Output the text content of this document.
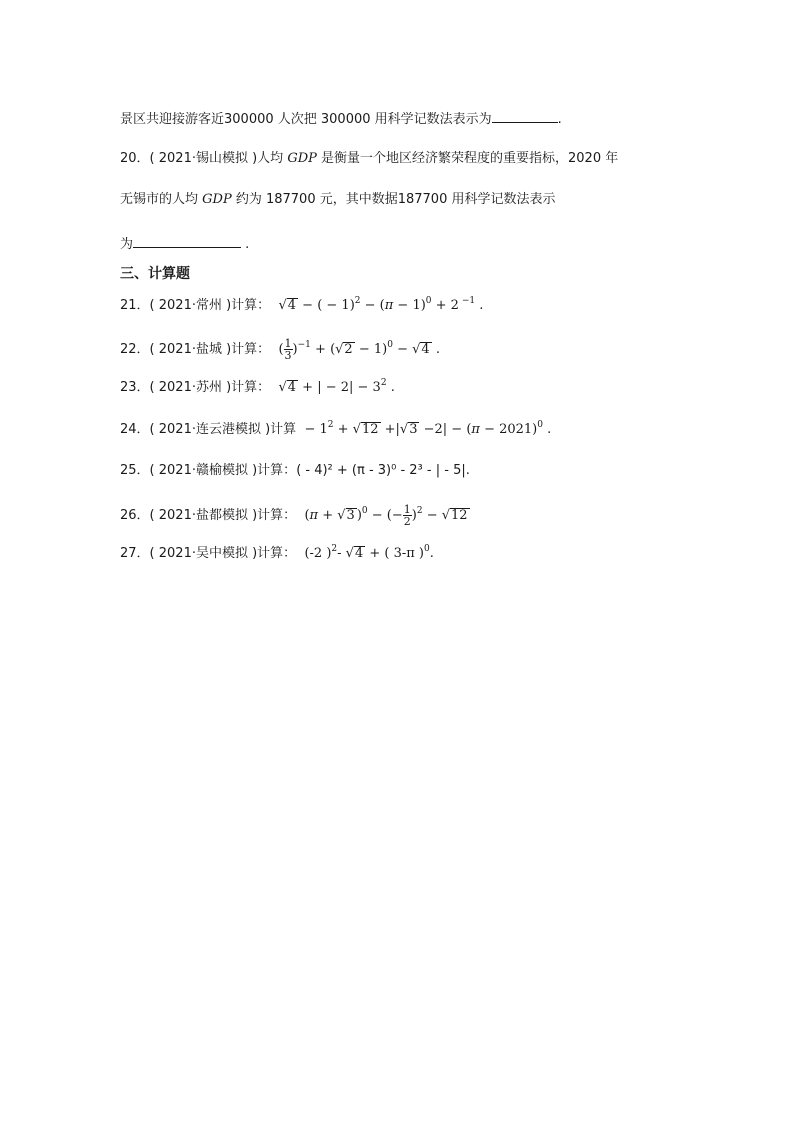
景区共迎接游客近300000 人次把 300000 用科学记数法表示为	.
20．( 2021·锡山模拟 )人均 GDP 是衡量一个地区经济繁荣程度的重要指标，2020 年
无锡市的人均 GDP 约为 187700 元，其中数据187700 用科学记数法表示
为	.
三、计算题
21．( 2021·常州 )计算：  √4 − ( − $1)^2 - (\pi - 1)^0 + 2$ $^{-1}$ .
22．( 2021·盐城 )计算：  ( $\frac{1}{3} )^{-1} + (√2 - 1)^0 - √4$ .
23．( 2021·苏州 )计算：  √4 + | − $2| - 3^2$ .
24．( 2021·连云港模拟 )计算  − $1^2 + √12 +|√3 -2| - (\pi - 2021)^0$ .
25．( 2021·赣榆模拟 )计算：( - 4)² + (π - 3)⁰ - 2³ - | - 5|.
26．( 2021·盐都模拟 )计算：  (π + √3 )$^0$ − (− $\frac{1}{2} )^2 - √12$
27．( 2021·吴中模拟 )计算：  (-2 )$^2$- √4 + ( 3-π )$^0$.
